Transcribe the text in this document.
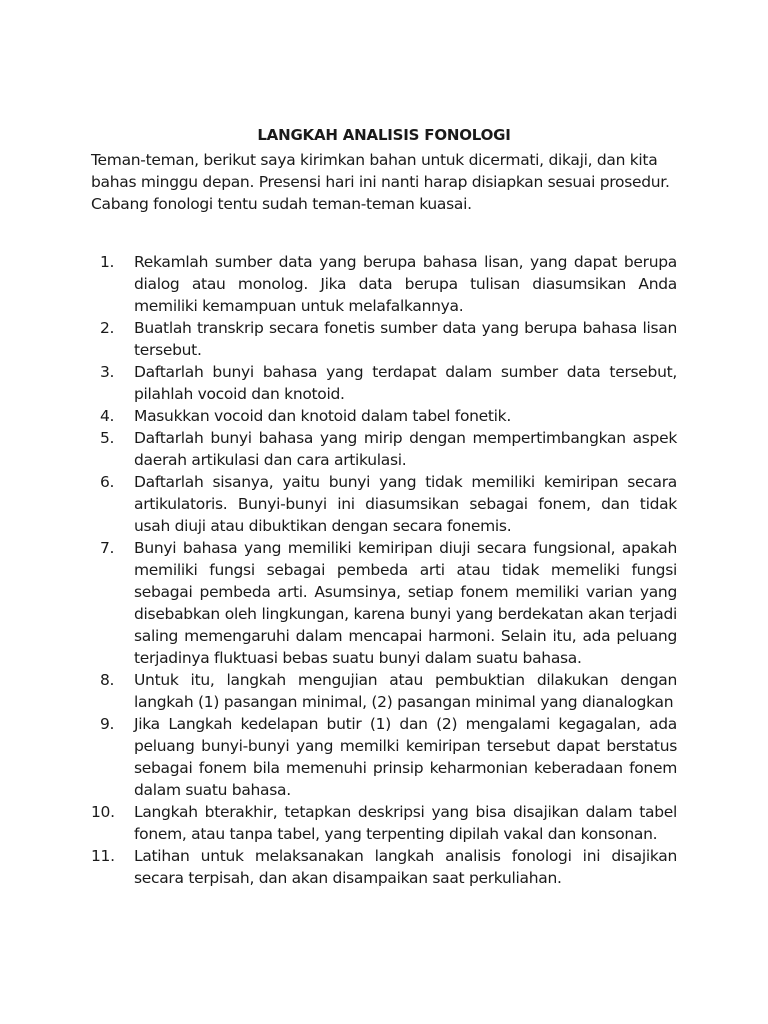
LANGKAH ANALISIS FONOLOGI
Teman-teman, berikut saya kirimkan bahan untuk dicermati, dikaji, dan kita bahas minggu depan. Presensi hari ini nanti harap disiapkan sesuai prosedur. Cabang fonologi tentu sudah teman-teman kuasai.
1.	Rekamlah sumber data yang berupa bahasa lisan, yang dapat berupa dialog atau monolog. Jika data berupa tulisan diasumsikan Anda memiliki kemampuan untuk melafalkannya.
2.	Buatlah transkrip secara fonetis sumber data yang berupa bahasa lisan tersebut.
3.	Daftarlah bunyi bahasa yang terdapat dalam sumber data tersebut, pilahlah vocoid dan knotoid.
4.	Masukkan vocoid dan knotoid dalam tabel fonetik.
5.	Daftarlah bunyi bahasa yang mirip dengan mempertimbangkan aspek daerah artikulasi dan cara artikulasi.
6.	Daftarlah sisanya, yaitu bunyi yang tidak memiliki kemiripan secara artikulatoris. Bunyi-bunyi ini diasumsikan sebagai fonem, dan tidak usah diuji atau dibuktikan dengan secara fonemis.
7.	Bunyi bahasa yang memiliki kemiripan diuji secara fungsional, apakah memiliki fungsi sebagai pembeda arti atau tidak memeliki fungsi sebagai pembeda arti. Asumsinya, setiap fonem memiliki varian yang disebabkan oleh lingkungan, karena bunyi yang berdekatan akan terjadi saling memengaruhi dalam mencapai harmoni. Selain itu, ada peluang terjadinya fluktuasi bebas suatu bunyi dalam suatu bahasa.
8.	Untuk itu, langkah mengujian atau pembuktian dilakukan dengan langkah (1) pasangan minimal, (2) pasangan minimal yang dianalogkan
9.	Jika Langkah kedelapan butir (1) dan (2) mengalami kegagalan, ada peluang bunyi-bunyi yang memilki kemiripan tersebut dapat berstatus sebagai fonem bila memenuhi prinsip keharmonian keberadaan fonem dalam suatu bahasa.
10.	Langkah bterakhir, tetapkan deskripsi yang bisa disajikan dalam tabel fonem, atau tanpa tabel, yang terpenting dipilah vakal dan konsonan.
11.	Latihan untuk melaksanakan langkah analisis fonologi ini disajikan secara terpisah, dan akan disampaikan saat perkuliahan.
